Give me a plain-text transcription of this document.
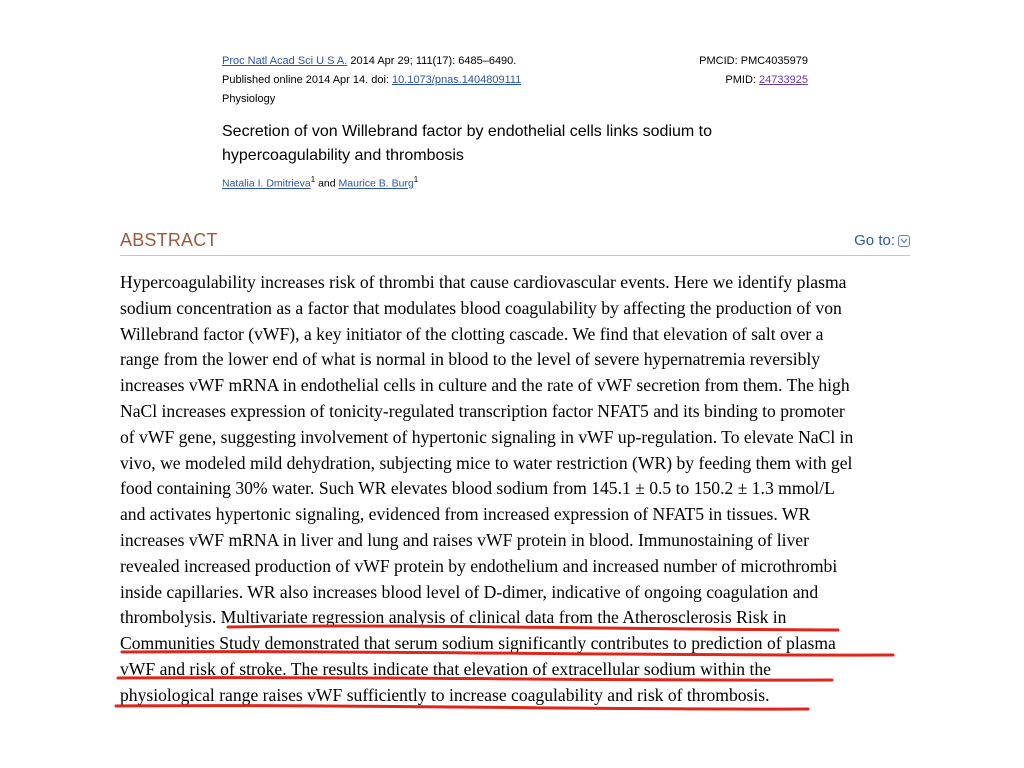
Proc Natl Acad Sci U S A. 2014 Apr 29; 111(17): 6485–6490.
Published online 2014 Apr 14. doi: 10.1073/pnas.1404809111
Physiology
PMCID: PMC4035979
PMID: 24733925
Secretion of von Willebrand factor by endothelial cells links sodium to hypercoagulability and thrombosis
Natalia I. Dmitrieva$^1$ and Maurice B. Burg$^1$
ABSTRACT	Go to:
Hypercoagulability increases risk of thrombi that cause cardiovascular events. Here we identify plasma
sodium concentration as a factor that modulates blood coagulability by affecting the production of von
Willebrand factor (vWF), a key initiator of the clotting cascade. We find that elevation of salt over a
range from the lower end of what is normal in blood to the level of severe hypernatremia reversibly
increases vWF mRNA in endothelial cells in culture and the rate of vWF secretion from them. The high
NaCl increases expression of tonicity-regulated transcription factor NFAT5 and its binding to promoter
of vWF gene, suggesting involvement of hypertonic signaling in vWF up-regulation. To elevate NaCl in
vivo, we modeled mild dehydration, subjecting mice to water restriction (WR) by feeding them with gel
food containing 30% water. Such WR elevates blood sodium from 145.1 ± 0.5 to 150.2 ± 1.3 mmol/L
and activates hypertonic signaling, evidenced from increased expression of NFAT5 in tissues. WR
increases vWF mRNA in liver and lung and raises vWF protein in blood. Immunostaining of liver
revealed increased production of vWF protein by endothelium and increased number of microthrombi
inside capillaries. WR also increases blood level of D-dimer, indicative of ongoing coagulation and
thrombolysis. Multivariate regression analysis of clinical data from the Atherosclerosis Risk in
Communities Study demonstrated that serum sodium significantly contributes to prediction of plasma
vWF and risk of stroke. The results indicate that elevation of extracellular sodium within the
physiological range raises vWF sufficiently to increase coagulability and risk of thrombosis.
